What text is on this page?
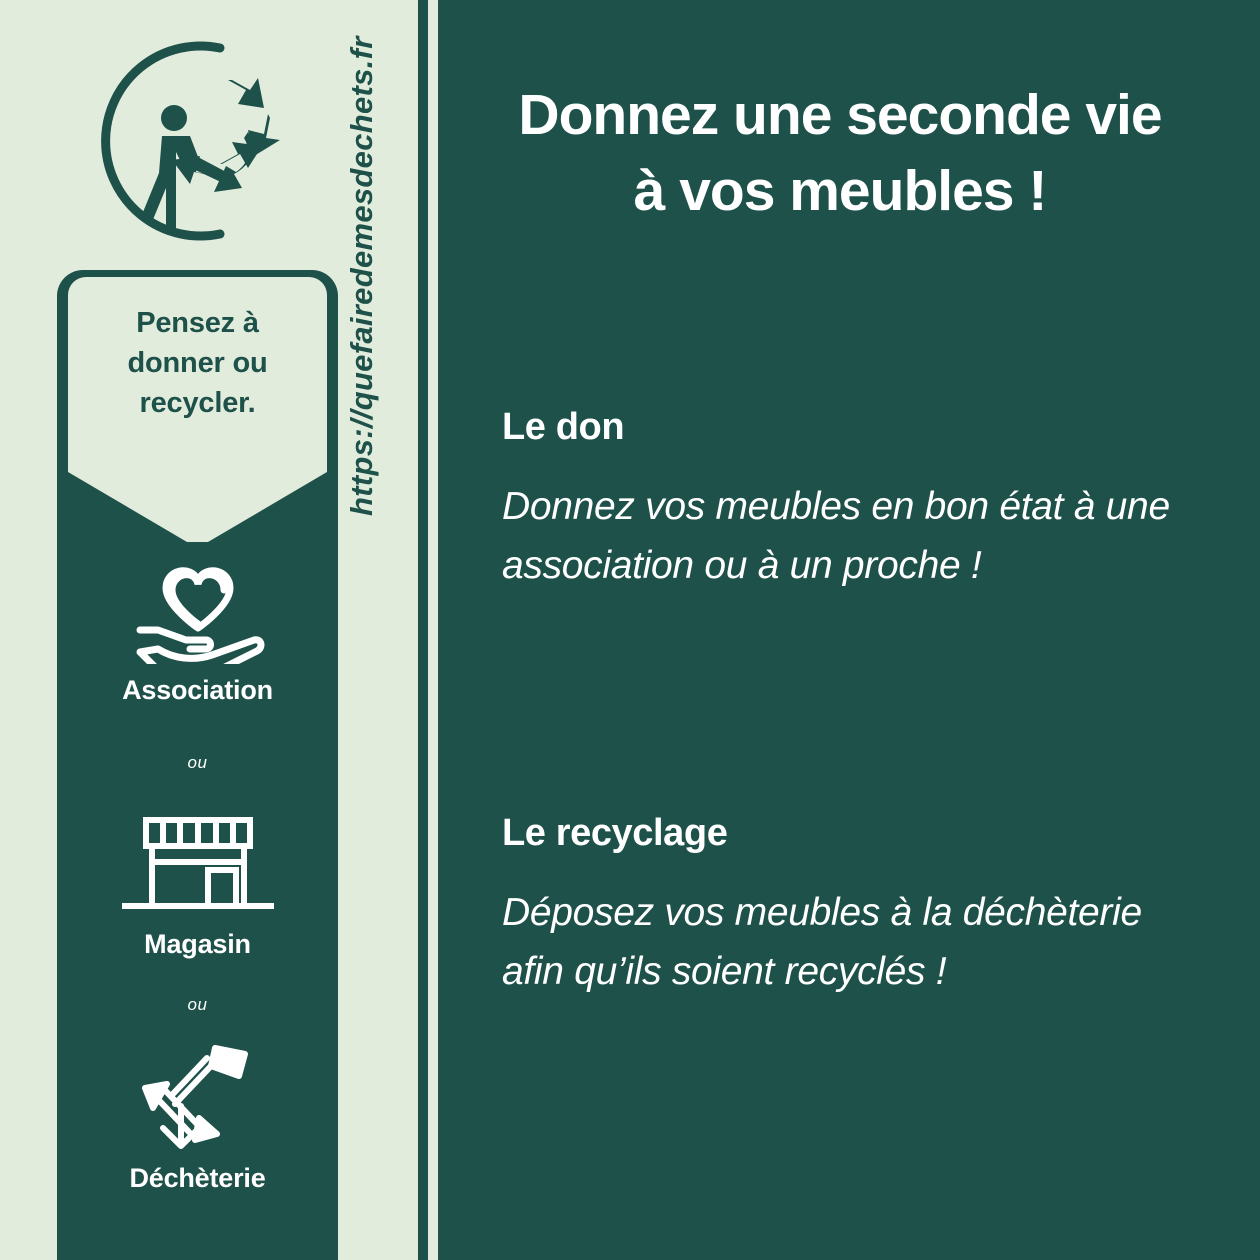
Pensez à
donner ou
recycler.
Association
ou
Magasin
ou
Déchèterie
https://quefairedemesdechets.fr	Donnez une seconde vie
à vos meubles !
Le don
Donnez vos meubles en bon état à une association ou à un proche !
Le recyclage
Déposez vos meubles à la déchèterie afin qu’ils soient recyclés !
